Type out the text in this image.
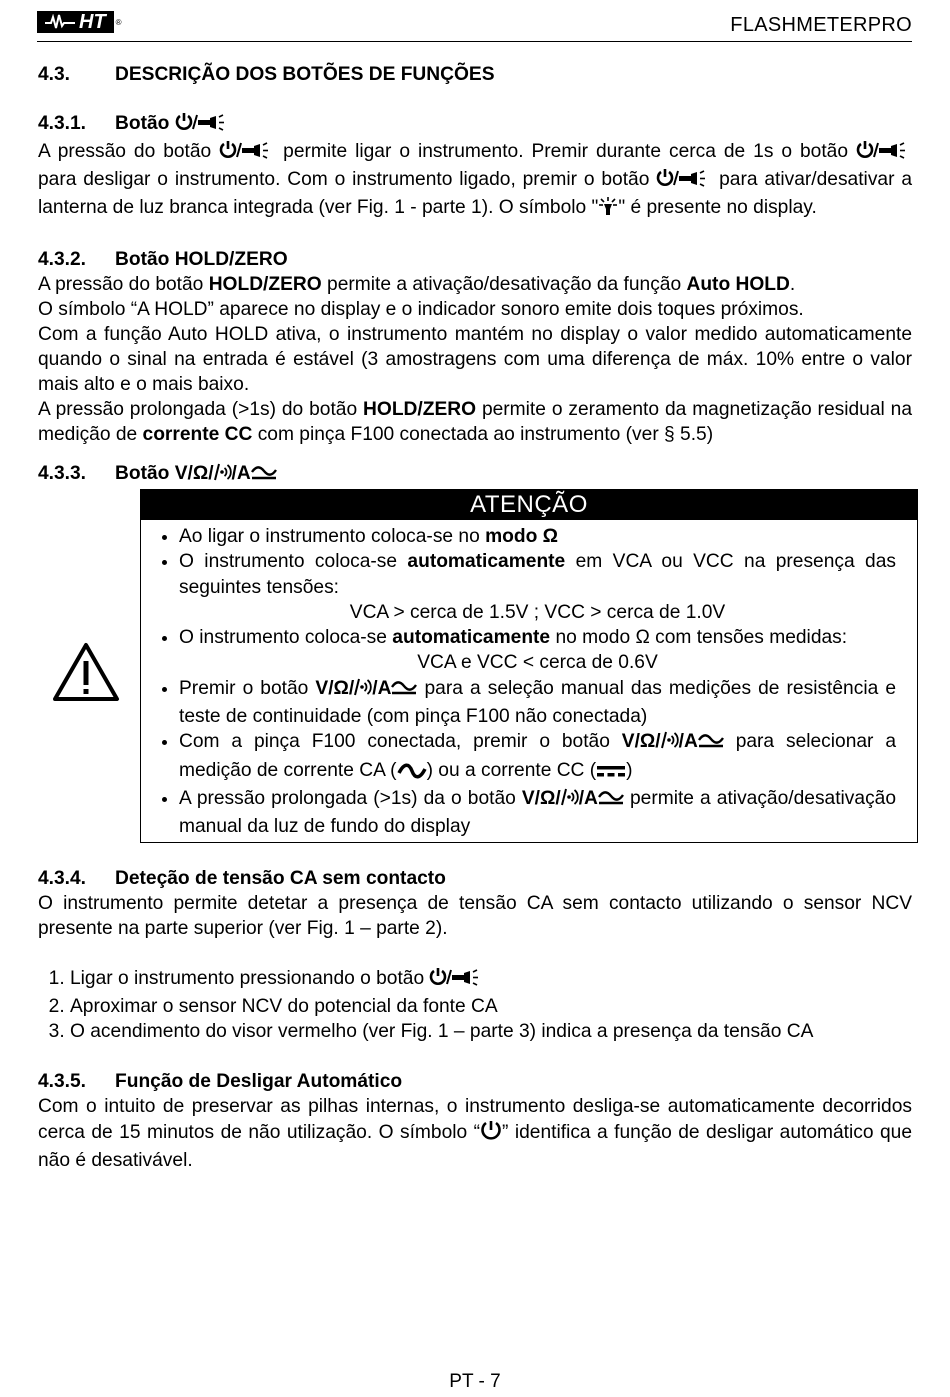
HT ®	FLASHMETERPRO
4.3. DESCRIÇÃO DOS BOTÕES DE FUNÇÕES
4.3.1. Botão

A pressão do botão	permite ligar o instrumento. Premir durante cerca de 1s o botão  para desligar o instrumento. Com o instrumento ligado, premir o botão	para ativar/desativar a lanterna de luz branca integrada (ver Fig. 1 - parte 1). O símbolo " " é presente no display.

4.3.2. Botão HOLD/ZERO

A pressão do botão HOLD/ZERO permite a ativação/desativação da função Auto HOLD.

O símbolo “A HOLD” aparece no display e o indicador sonoro emite dois toques próximos.

Com a função Auto HOLD ativa, o instrumento mantém no display o valor medido automaticamente quando o sinal na entrada é estável (3 amostragens com uma diferença de máx. 10% entre o valor mais alto e o mais baixo.

A pressão prolongada (>1s) do botão HOLD/ZERO permite o zeramento da magnetização residual na medição de corrente CC com pinça F100 conectada ao instrumento (ver § 5.5)

4.3.3. Botão V/Ω/ /A
ATENÇÃO
• Ao ligar o instrumento coloca-se no modo Ω
• O instrumento coloca-se automaticamente em VCA ou VCC na presença das seguintes tensões:
VCA > cerca de 1.5V ; VCC > cerca de 1.0V
• O instrumento coloca-se automaticamente no modo Ω com tensões medidas:
VCA e VCC < cerca de 0.6V
• Premir o botão V/Ω/ /A para a seleção manual das medições de resistência e teste de continuidade (com pinça F100 não conectada)
• Com a pinça F100 conectada, premir o botão V/Ω/ /A para selecionar a medição de corrente CA ( ) ou a corrente CC ( )
• A pressão prolongada (>1s) da o botão V/Ω/ /A permite a ativação/desativação manual da luz de fundo do display
4.3.4. Deteção de tensão CA sem contacto

O instrumento permite detetar a presença de tensão CA sem contacto utilizando o sensor NCV presente na parte superior (ver Fig. 1 – parte 2).

1. Ligar o instrumento pressionando o botão
2. Aproximar o sensor NCV do potencial da fonte CA
3. O acendimento do visor vermelho (ver Fig. 1 – parte 3) indica a presença da tensão CA
4.3.5. Função de Desligar Automático

Com o intuito de preservar as pilhas internas, o instrumento desliga-se automaticamente decorridos cerca de 15 minutos de não utilização. O símbolo “ ” identifica a função de desligar automático que não é desativável.

PT - 7
